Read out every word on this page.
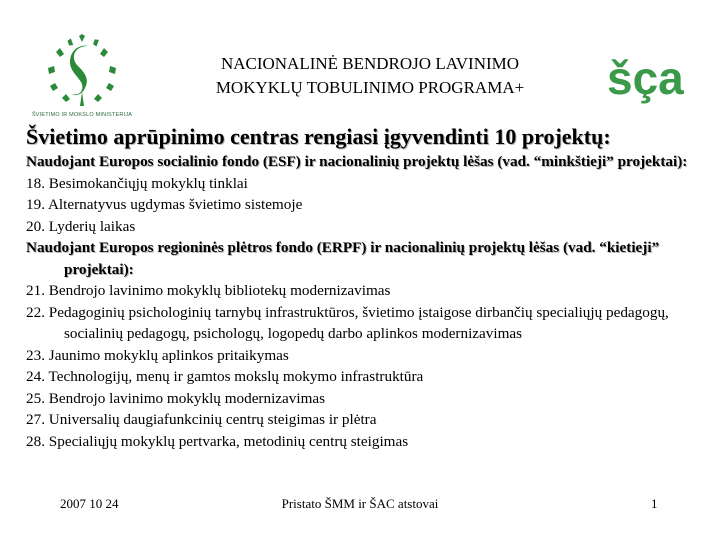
ŠVIETIMO IR MOKSLO MINISTERIJA
NACIONALINĖ BENDROJO LAVINIMO
MOKYKLŲ TOBULINIMO PROGRAMA+	šça
Švietimo aprūpinimo centras rengiasi įgyvendinti 10 projektų:
Naudojant Europos socialinio fondo (ESF) ir nacionalinių projektų lėšas (vad. “minkštieji” projektai):
18. Besimokančiųjų mokyklų tinklai
19. Alternatyvus ugdymas švietimo sistemoje
20. Lyderių laikas
Naudojant Europos regioninės plėtros fondo (ERPF) ir nacionalinių projektų lėšas (vad. “kietieji” projektai):
21. Bendrojo lavinimo mokyklų bibliotekų modernizavimas
22. Pedagoginių psichologinių tarnybų infrastruktūros, švietimo įstaigose dirbančių specialiųjų pedagogų, socialinių pedagogų, psichologų, logopedų darbo aplinkos modernizavimas
23. Jaunimo mokyklų aplinkos pritaikymas
24. Technologijų, menų ir gamtos mokslų mokymo infrastruktūra
25. Bendrojo lavinimo mokyklų modernizavimas
27. Universalių daugiafunkcinių centrų steigimas ir plėtra
28. Specialiųjų mokyklų pertvarka, metodinių centrų steigimas
2007 10 24	Pristato ŠMM ir ŠAC atstovai	1
